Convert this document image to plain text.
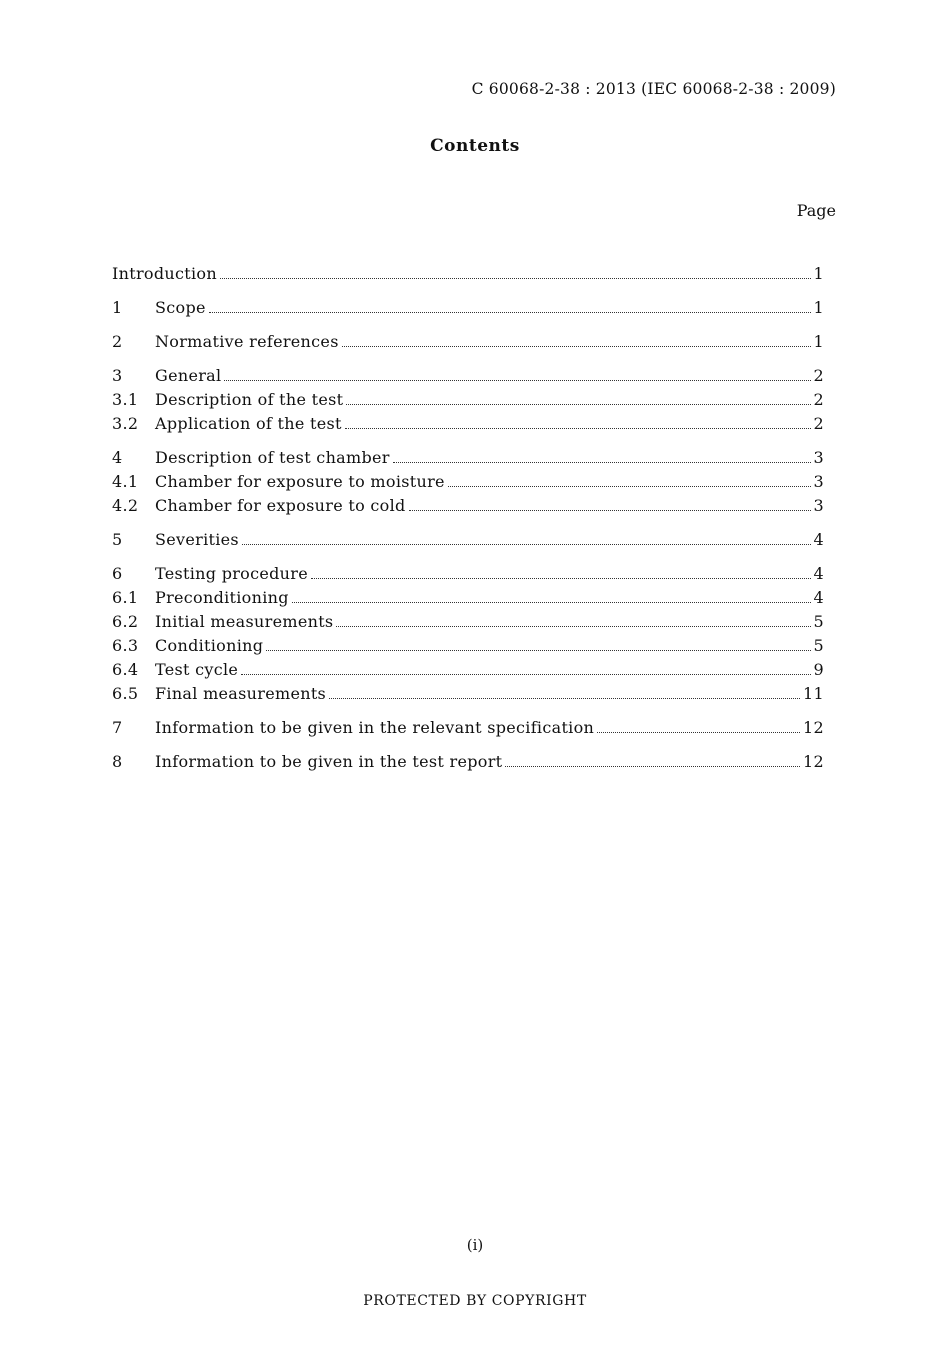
C 60068-2-38 : 2013 (IEC 60068-2-38 : 2009)
Contents
Page
Introduction	1
1	Scope	1
2	Normative references	1
3	General	2
3.1	Description of the test	2
3.2	Application of the test	2
4	Description of test chamber	3
4.1	Chamber for exposure to moisture	3
4.2	Chamber for exposure to cold	3
5	Severities	4
6	Testing procedure	4
6.1	Preconditioning	4
6.2	Initial measurements	5
6.3	Conditioning	5
6.4	Test cycle	9
6.5	Final measurements	11
7	Information to be given in the relevant specification	12
8	Information to be given in the test report	12
(i)
PROTECTED BY COPYRIGHT
